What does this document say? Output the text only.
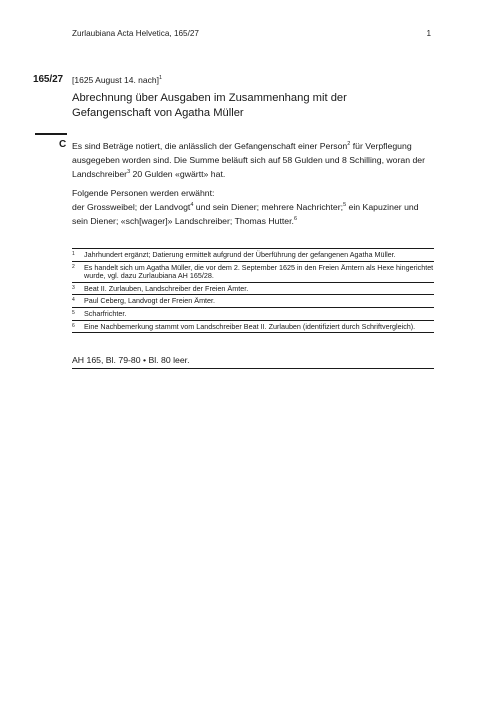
Zurlaubiana Acta Helvetica, 165/27	1
165/27 [1625 August 14. nach]$^1$
Abrechnung über Ausgaben im Zusammenhang mit der
Gefangenschaft von Agatha Müller
C Es sind Beträge notiert, die anlässlich der Gefangenschaft einer Person$^2$ für Verpflegung ausgegeben worden sind. Die Summe beläuft sich auf 58 Gulden und 8 Schilling, woran der Landschreiber$^3$ 20 Gulden «gwärtt» hat.

Folgende Personen werden erwähnt:
der Grossweibel; der Landvogt$^4$ und sein Diener; mehrere Nachrichter;$^5$ ein Kapuziner und sein Diener; «sch[wager]» Landschreiber; Thomas Hutter.$^6$

1	Jahrhundert ergänzt; Datierung ermittelt aufgrund der Überführung der gefangenen Agatha Müller.
2	Es handelt sich um Agatha Müller, die vor dem 2. September 1625 in den Freien Ämtern als Hexe hingerichtet wurde, vgl. dazu Zurlaubiana AH 165/28.
3	Beat II. Zurlauben, Landschreiber der Freien Ämter.
4	Paul Ceberg, Landvogt der Freien Ämter.
5	Scharfrichter.
6	Eine Nachbemerkung stammt vom Landschreiber Beat II. Zurlauben (identifiziert durch Schriftvergleich).
AH 165, Bl. 79-80 • Bl. 80 leer.
